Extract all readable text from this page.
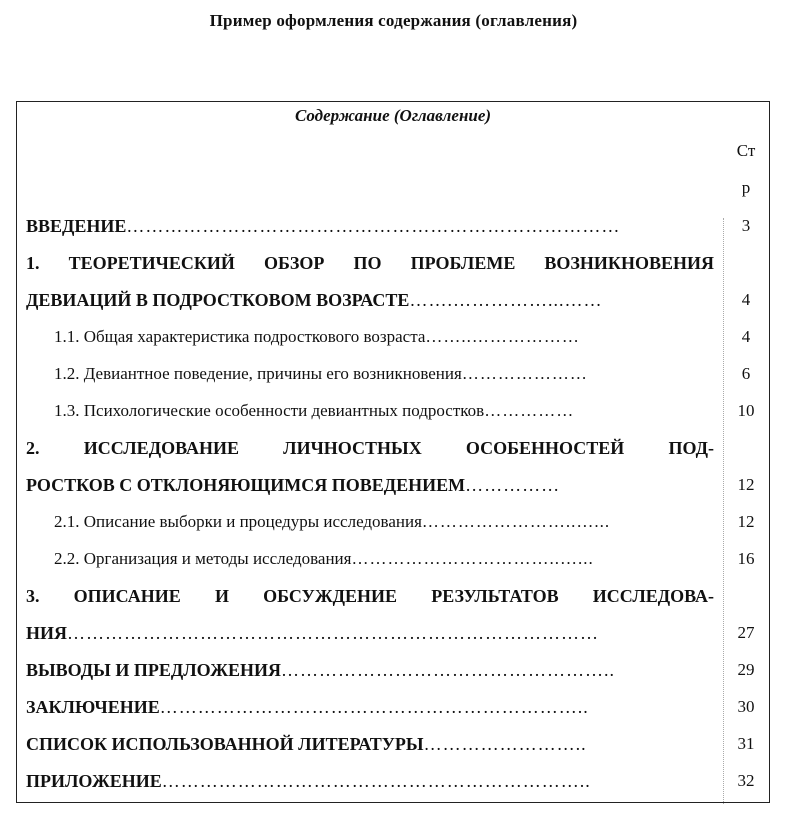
Пример оформления содержания (оглавления)
Содержание (Оглавление)
Ст
р
ВВЕДЕНИЕ……………………………………………………………………	3
1. ТЕОРЕТИЧЕСКИЙ ОБЗОР ПО ПРОБЛЕМЕ ВОЗНИКНОВЕНИЯ
ДЕВИАЦИЙ В ПОДРОСТКОВОМ ВОЗРАСТЕ…….……………...……	4
1.1. Общая характеристика подросткового возраста……..………………	4
1.2. Девиантное поведение, причины его возникновения…………………	6
1.3. Психологические особенности девиантных подростков……………	10
2. ИССЛЕДОВАНИЕ ЛИЧНОСТНЫХ ОСОБЕННОСТЕЙ ПОД-
РОСТКОВ С ОТКЛОНЯЮЩИМСЯ ПОВЕДЕНИЕМ……………	12
2.1. Описание выборки и процедуры исследования……………………..…...	12
2.2. Организация и методы исследования……………………………..…...	16
3. ОПИСАНИЕ И ОБСУЖДЕНИЕ РЕЗУЛЬТАТОВ ИССЛЕДОВА-
НИЯ…………………………………………………………………………	27
ВЫВОДЫ И ПРЕДЛОЖЕНИЯ……………………………………………..	29
ЗАКЛЮЧЕНИЕ…………………………………………………………..	30
СПИСОК ИСПОЛЬЗОВАННОЙ ЛИТЕРАТУРЫ……………………..	31
ПРИЛОЖЕНИЕ…………………………………………………………..	32
